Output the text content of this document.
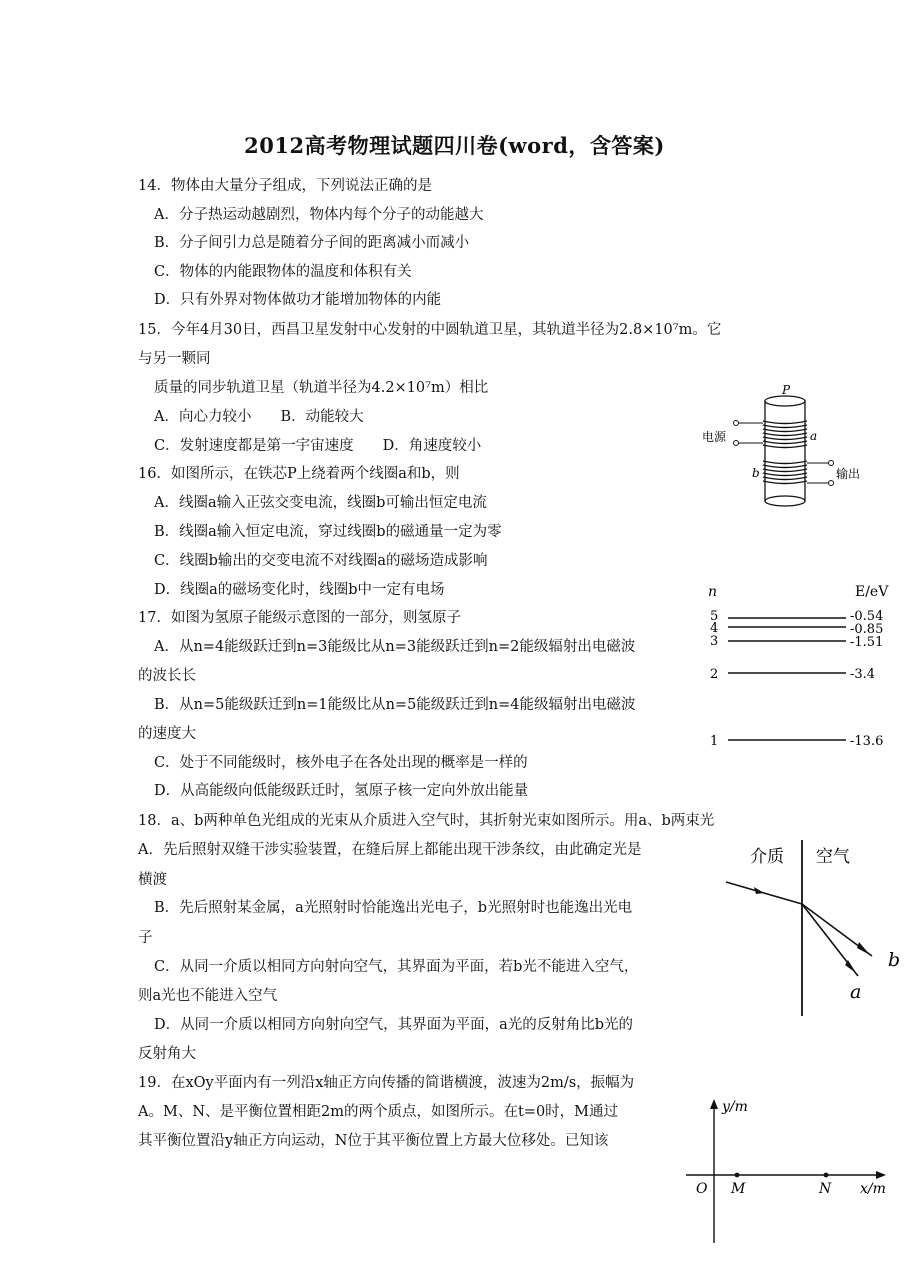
2012高考物理试题四川卷(word，含答案)
14．物体由大量分子组成，下列说法正确的是
A．分子热运动越剧烈，物体内每个分子的动能越大
B．分子间引力总是随着分子间的距离减小而减小
C．物体的内能跟物体的温度和体积有关
D．只有外界对物体做功才能增加物体的内能
15．今年4月30日，西昌卫星发射中心发射的中圆轨道卫星，其轨道半径为2.8×10⁷m。它
与另一颗同
质量的同步轨道卫星（轨道半径为4.2×10⁷m）相比
A．向心力较小　　B．动能较大
C．发射速度都是第一宇宙速度　　D．角速度较小
16．如图所示，在铁芯P上绕着两个线圈a和b，则
A．线圈a输入正弦交变电流，线圈b可输出恒定电流
B．线圈a输入恒定电流，穿过线圈b的磁通量一定为零
C．线圈b输出的交变电流不对线圈a的磁场造成影响
D．线圈a的磁场变化时，线圈b中一定有电场
17．如图为氢原子能级示意图的一部分，则氢原子
A．从n=4能级跃迁到n=3能级比从n=3能级跃迁到n=2能级辐射出电磁波
的波长长
B．从n=5能级跃迁到n=1能级比从n=5能级跃迁到n=4能级辐射出电磁波
的速度大
C．处于不同能级时，核外电子在各处出现的概率是一样的
D．从高能级向低能级跃迁时，氢原子核一定向外放出能量
18．a、b两种单色光组成的光束从介质进入空气时，其折射光束如图所示。用a、b两束光
A．先后照射双缝干涉实验装置，在缝后屏上都能出现干涉条纹，由此确定光是
横渡
B．先后照射某金属，a光照射时恰能逸出光电子，b光照射时也能逸出光电
子
C．从同一介质以相同方向射向空气，其界面为平面，若b光不能进入空气，
则a光也不能进入空气
D．从同一介质以相同方向射向空气，其界面为平面，a光的反射角比b光的
反射角大
19．在xOy平面内有一列沿x轴正方向传播的简谐横渡，波速为2m/s，振幅为
A。M、N、是平衡位置相距2m的两个质点，如图所示。在t=0时，M通过
其平衡位置沿y轴正方向运动，N位于其平衡位置上方最大位移处。已知该
P
a
b
电源
输出
n	E/eV
5
4
3
2
1
-0.54
-0.85
-1.51
-3.4
-13.6
介质 空气
b
a
y/m
x/m
O M	N
